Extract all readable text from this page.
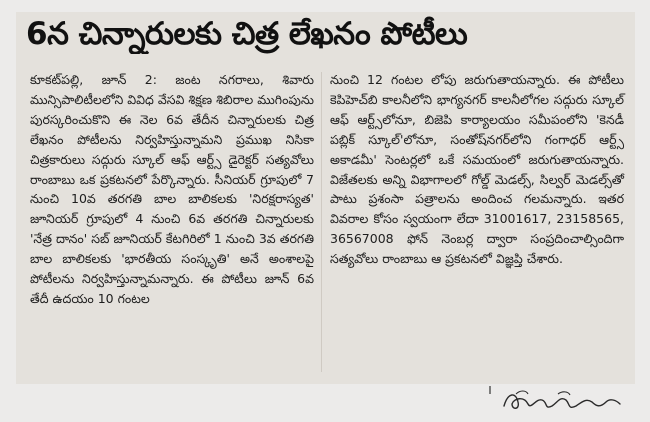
6న చిన్నారులకు చిత్ర లేఖనం పోటీలు
కూకట్‌పల్లి, జూన్ 2: జంట నగరాలు, శివారు మున్సిపాలిటీలలోని వివిధ వేసవి శిక్షణ శిబిరాల ముగింపును పురస్కరించుకొని ఈ నెల 6వ తేదీన చిన్నారులకు చిత్ర లేఖనం పోటీలను నిర్వహిస్తున్నామని ప్రముఖ నిసికా చిత్రకారులు సద్గురు స్కూల్ ఆఫ్ ఆర్ట్స్ డైరెక్టర్ సత్యవోలు రాంబాబు ఒక ప్రకటనలో పేర్కొన్నారు. సీనియర్ గ్రూపులో 7 నుంచి 10వ తరగతి బాల బాలికలకు 'నిరక్షరాస్యత' జూనియర్ గ్రూపులో 4 నుంచి 6వ తరగతి చిన్నారులకు 'నేత్ర దానం' సబ్ జూనియర్ కేటగిరిలో 1 నుంచి 3వ తరగతి బాల బాలికలకు 'భారతీయ సంస్కృతి' అనే అంశాలపై పోటీలను నిర్వహిస్తున్నామన్నారు. ఈ పోటీలు జూన్ 6వ తేదీ ఉదయం 10 గంటల
నుంచి 12 గంటల లోపు జరుగుతాయన్నారు. ఈ పోటీలు కెపిహెచ్‌బి కాలనీలోని భాగ్యనగర్ కాలనీలోగల సద్గురు స్కూల్ ఆఫ్ ఆర్ట్స్‌లోనూ, బిజెపి కార్యాలయం సమీపంలోని 'కెనడీ పబ్లిక్ స్కూల్'లోనూ, సంతోష్‌నగర్‌లోని గంగాధర్ ఆర్ట్స్ అకాడమీ' సెంటర్లలో ఒకే సమయంలో జరుగుతాయన్నారు. విజేతలకు అన్ని విభాగాలలో గోల్డ్ మెడల్స్, సిల్వర్ మెడల్స్‌తో పాటు ప్రశంసా పత్రాలను అందించ గలమన్నారు. ఇతర వివరాల కోసం స్వయంగా లేదా 31001617, 23158565, 36567008 ఫోన్ నెంబర్ల ద్వారా సంప్రదించాల్సిందిగా సత్యవోలు రాంబాబు ఆ ప్రకటనలో విజ్ఞప్తి చేశారు.
